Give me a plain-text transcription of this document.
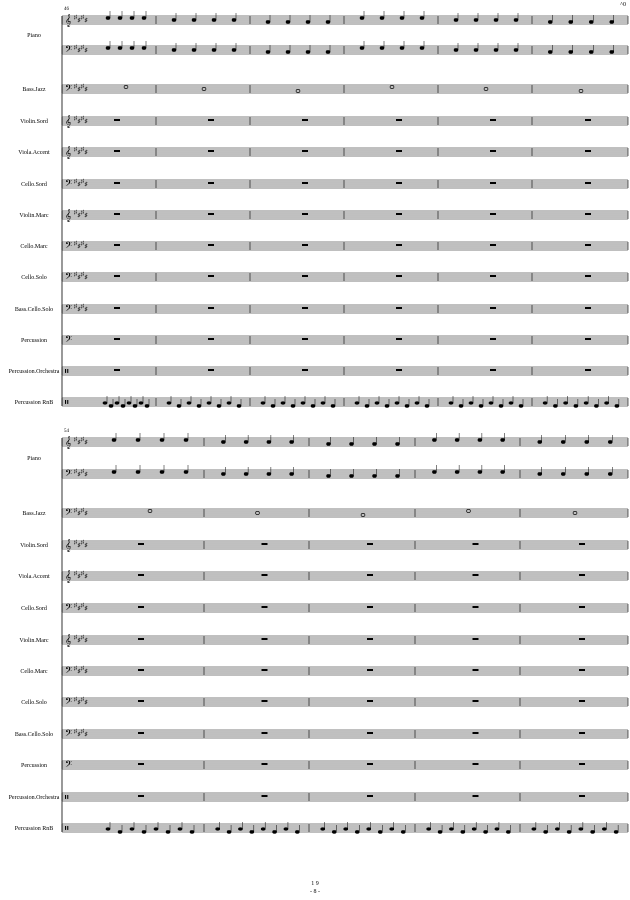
^0
46
Piano
𝄞 ♯ ♯ ♯ ♯
𝄢 ♯ ♯ ♯ ♯
Bass.Jazz 𝄢 ♯ ♯ ♯ ♯
Violin.Sord 𝄞 ♯ ♯ ♯ ♯
Viola.Accent 𝄞 ♯ ♯ ♯ ♯
Cello.Sord 𝄢 ♯ ♯ ♯ ♯
Violin.Marc 𝄞 ♯ ♯ ♯ ♯
Cello.Marc 𝄢 ♯ ♯ ♯ ♯
Cello.Solo 𝄢 ♯ ♯ ♯ ♯
Bass.Cello.Solo 𝄢 ♯ ♯ ♯ ♯
Percussion 𝄢
Percussion.Orchestra 𝄥
Percussion RnB 𝄥
54
Piano
𝄞 ♯ ♯ ♯ ♯
𝄢 ♯ ♯ ♯ ♯
Bass.Jazz 𝄢 ♯ ♯ ♯ ♯
Violin.Sord 𝄞 ♯ ♯ ♯ ♯
Viola.Accent 𝄞 ♯ ♯ ♯ ♯
Cello.Sord 𝄢 ♯ ♯ ♯ ♯
Violin.Marc 𝄞 ♯ ♯ ♯ ♯
Cello.Marc 𝄢 ♯ ♯ ♯ ♯
Cello.Solo 𝄢 ♯ ♯ ♯ ♯
Bass.Cello.Solo 𝄢 ♯ ♯ ♯ ♯
Percussion 𝄢
Percussion.Orchestra 𝄥
Percussion RnB 𝄥
1 9
- 8 -
